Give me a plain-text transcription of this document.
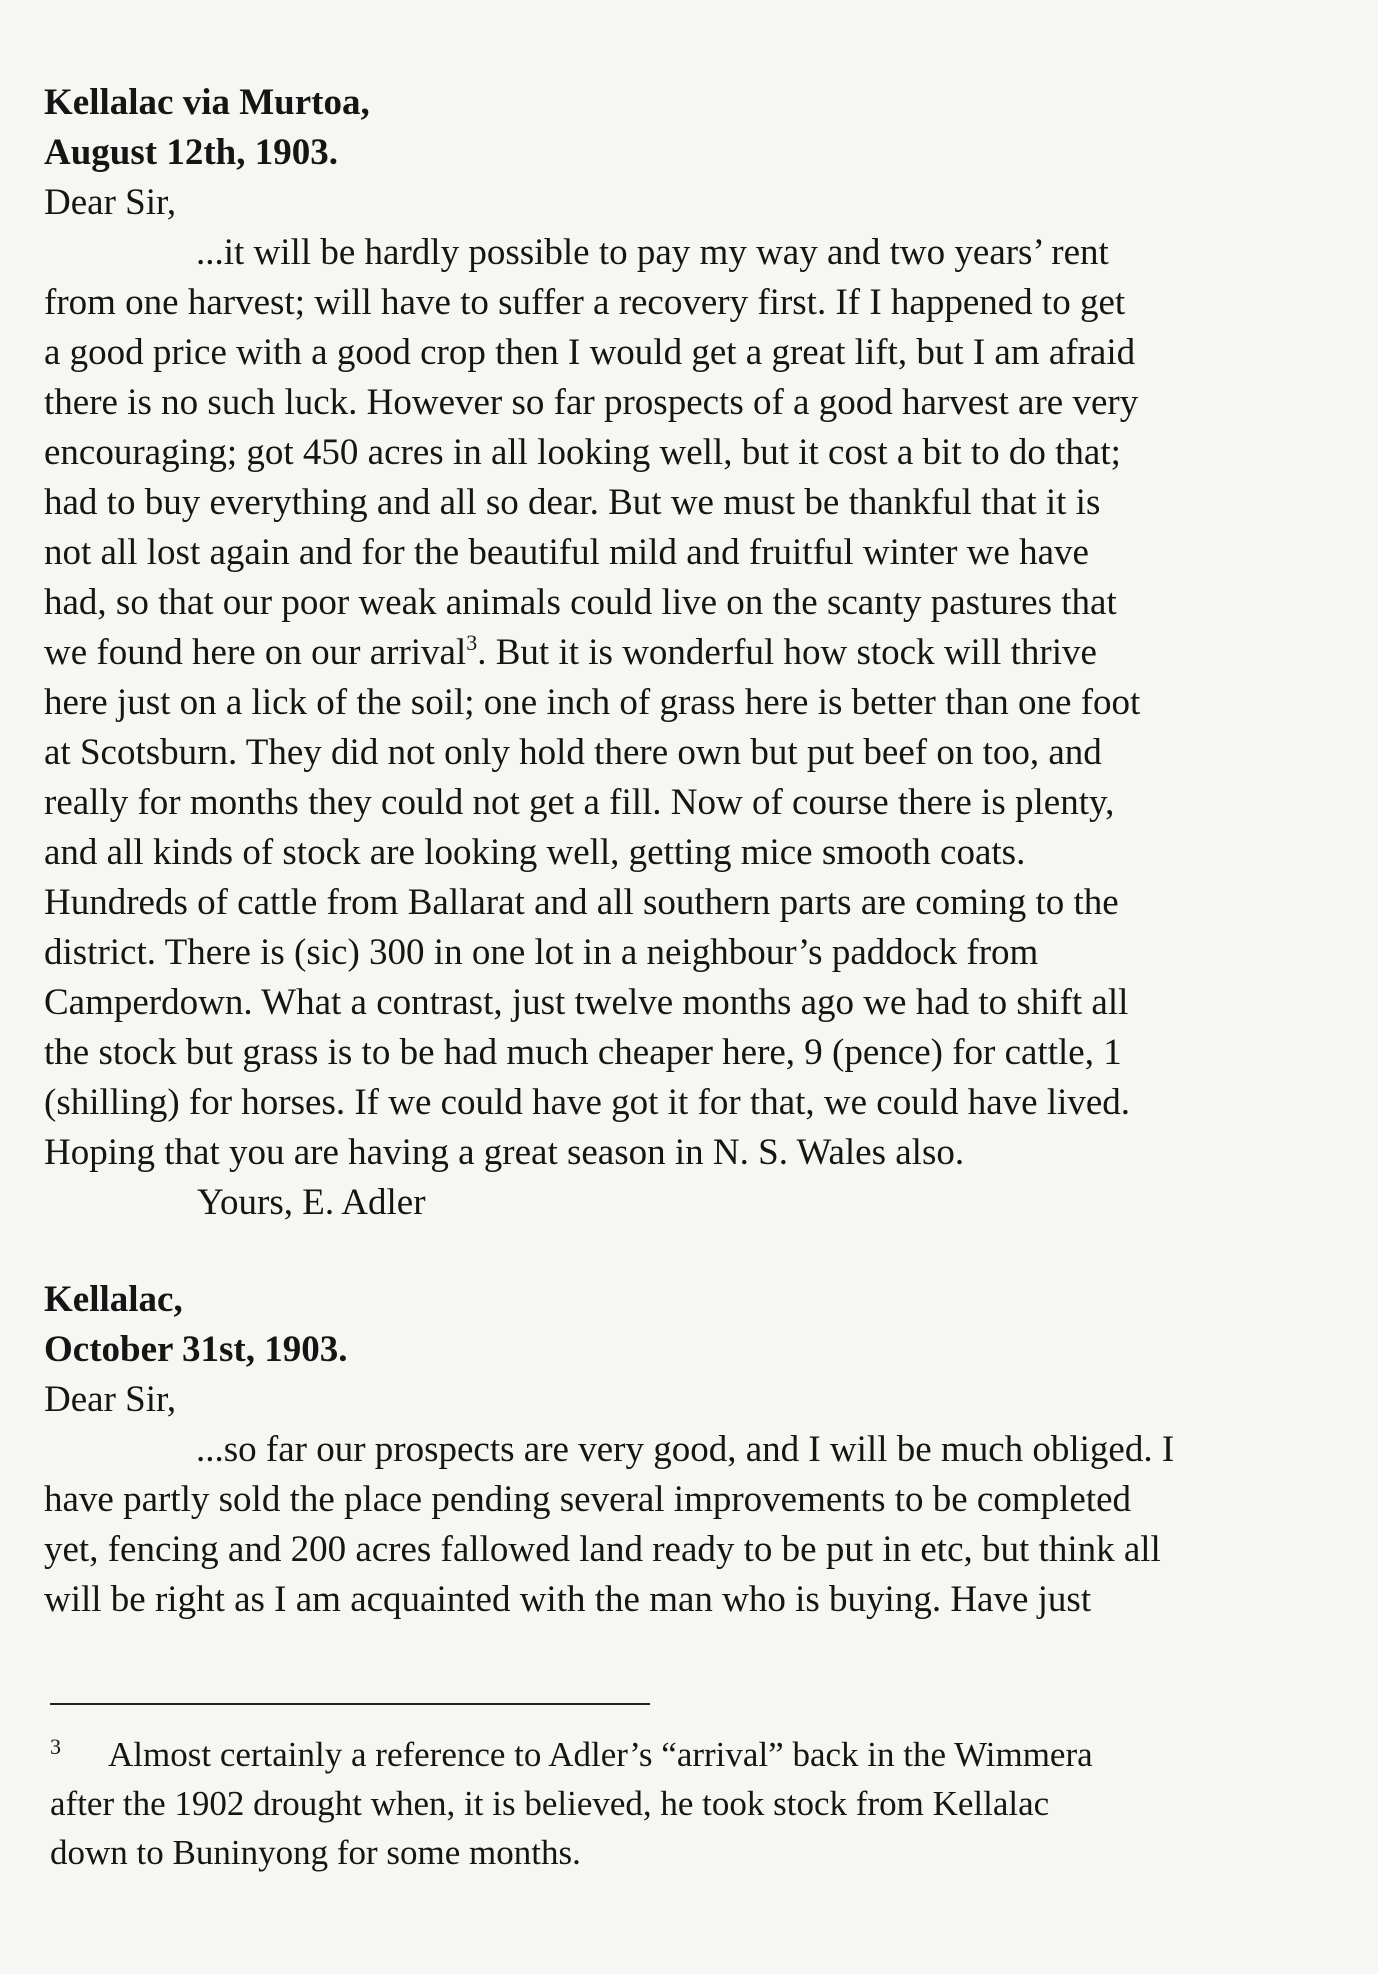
Kellalac via Murtoa,

August 12th, 1903.

Dear Sir,

...it will be hardly possible to pay my way and two years’ rent

from one harvest; will have to suffer a recovery first. If I happened to get

a good price with a good crop then I would get a great lift, but I am afraid

there is no such luck. However so far prospects of a good harvest are very

encouraging; got 450 acres in all looking well, but it cost a bit to do that;

had to buy everything and all so dear. But we must be thankful that it is

not all lost again and for the beautiful mild and fruitful winter we have

had, so that our poor weak animals could live on the scanty pastures that

we found here on our arrival$^3$. But it is wonderful how stock will thrive

here just on a lick of the soil; one inch of grass here is better than one foot

at Scotsburn. They did not only hold there own but put beef on too, and

really for months they could not get a fill. Now of course there is plenty,

and all kinds of stock are looking well, getting mice smooth coats.

Hundreds of cattle from Ballarat and all southern parts are coming to the

district. There is (sic) 300 in one lot in a neighbour’s paddock from

Camperdown. What a contrast, just twelve months ago we had to shift all

the stock but grass is to be had much cheaper here, 9 (pence) for cattle, 1

(shilling) for horses. If we could have got it for that, we could have lived.

Hoping that you are having a great season in N. S. Wales also.

Yours, E. Adler

Kellalac,

October 31st, 1903.

Dear Sir,

...so far our prospects are very good, and I will be much obliged. I

have partly sold the place pending several improvements to be completed

yet, fencing and 200 acres fallowed land ready to be put in etc, but think all

will be right as I am acquainted with the man who is buying. Have just

3 Almost certainly a reference to Adler’s “arrival” back in the Wimmera

after the 1902 drought when, it is believed, he took stock from Kellalac

down to Buninyong for some months.
